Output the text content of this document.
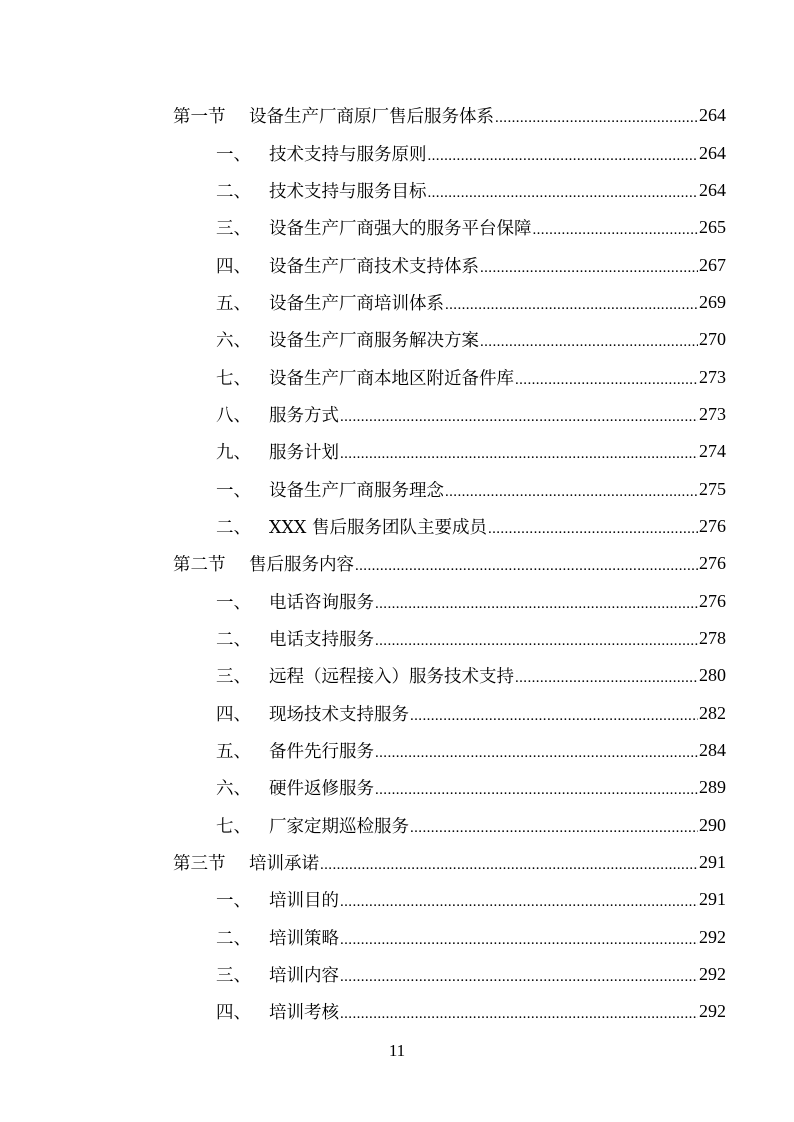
第一节	设备生产厂商原厂售后服务体系 .....	264
一、	技术支持与服务原则 .....	264
二、	技术支持与服务目标 .....	264
三、	设备生产厂商强大的服务平台保障 .....	265
四、	设备生产厂商技术支持体系 .....	267
五、	设备生产厂商培训体系 .....	269
六、	设备生产厂商服务解决方案 .....	270
七、	设备生产厂商本地区附近备件库 .....	273
八、	服务方式 .....	273
九、	服务计划 .....	274
一、	设备生产厂商服务理念 .....	275
二、	XXX 售后服务团队主要成员 .....	276
第二节	售后服务内容 .....	276
一、	电话咨询服务 .....	276
二、	电话支持服务 .....	278
三、	远程（远程接入）服务技术支持 .....	280
四、	现场技术支持服务 .....	282
五、	备件先行服务 .....	284
六、	硬件返修服务 .....	289
七、	厂家定期巡检服务 .....	290
第三节	培训承诺 .....	291
一、	培训目的 .....	291
二、	培训策略 .....	292
三、	培训内容 .....	292
四、	培训考核 .....	292
11
